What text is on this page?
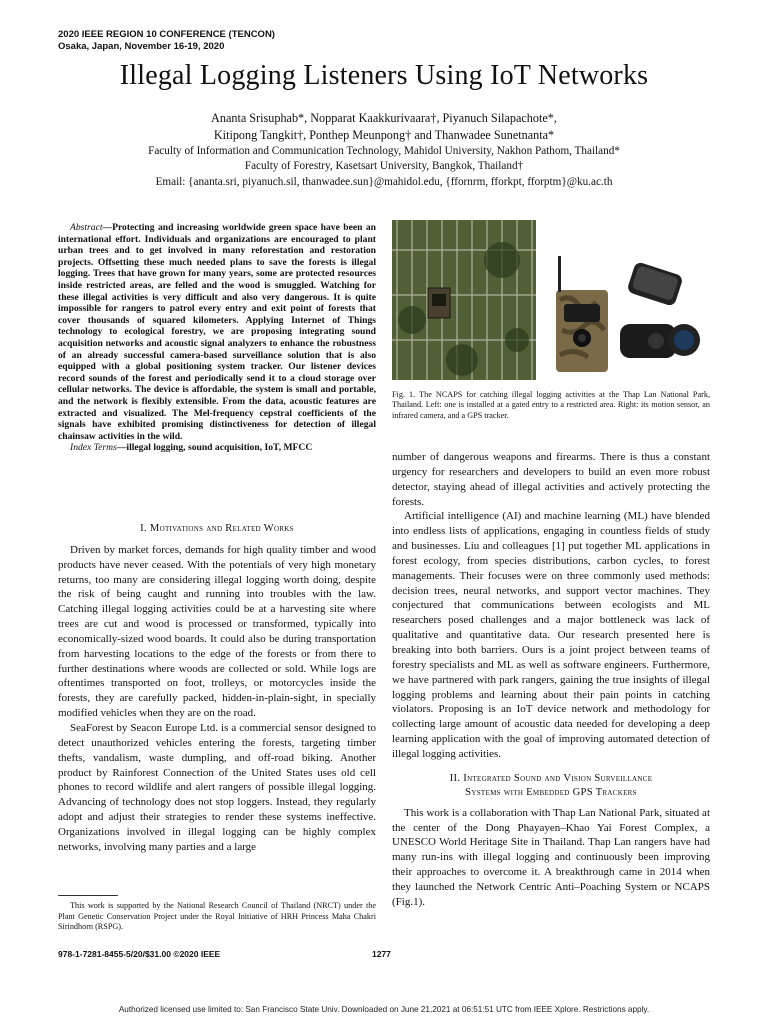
2020 IEEE REGION 10 CONFERENCE (TENCON)
Osaka, Japan, November 16-19, 2020
Illegal Logging Listeners Using IoT Networks
Ananta Srisuphab*, Nopparat Kaakkurivaara†, Piyanuch Silapachote*,
Kitipong Tangkit†, Ponthep Meunpong† and Thanwadee Sunetnanta*
Faculty of Information and Communication Technology, Mahidol University, Nakhon Pathom, Thailand*
Faculty of Forestry, Kasetsart University, Bangkok, Thailand†
Email: {ananta.sri, piyanuch.sil, thanwadee.sun}@mahidol.edu, {ffornrm, fforkpt, fforptm}@ku.ac.th
Abstract—Protecting and increasing worldwide green space have been an international effort. Individuals and organizations are encouraged to plant urban trees and to get involved in many reforestation and restoration projects. Offsetting these much needed plans to save the forests is illegal logging. Trees that have grown for many years, some are protected resources inside restricted areas, are felled and the wood is smuggled. Watching for these illegal activities is very difficult and also very dangerous. It is quite impossible for rangers to patrol every entry and exit point of forests that cover thousands of squared kilometers. Applying Internet of Things technology to ecological forestry, we are proposing integrating sound acquisition networks and acoustic signal analyzers to enhance the robustness of an already successful camera-based surveillance solution that is also equipped with a global positioning system tracker. Our listener devices record sounds of the forest and periodically send it to a cloud storage over cellular networks. The device is affordable, the system is small and portable, and the network is flexibly extensible. From the data, acoustic features are extracted and visualized. The Mel-frequency cepstral coefficients of the signals have exhibited promising distinctiveness for detection of illegal chainsaw activities in the wild.
Index Terms—illegal logging, sound acquisition, IoT, MFCC

I. Motivations and Related Works

Driven by market forces, demands for high quality timber and wood products have never ceased. With the potentials of very high monetary returns, too many are considering illegal logging worth doing, despite the risk of being caught and running into troubles with the law. Catching illegal logging activities could be at a harvesting site where trees are cut and wood is processed or transformed, typically into economically-sized wood boards. It could also be during transportation from harvesting locations to the edge of the forests or from there to further destinations where woods are collected or sold. While logs are oftentimes transported on foot, trolleys, or motorcycles inside the forests, they are carefully packed, hidden-in-plain-sight, in specially modified vehicles when they are on the road.

SeaForest by Seacon Europe Ltd. is a commercial sensor designed to detect unauthorized vehicles entering the forests, targeting timber thefts, vandalism, waste dumpling, and off-road biking. Another product by Rainforest Connection of the United States uses old cell phones to record wildlife and alert rangers of possible illegal logging. Advancing of technology does not stop loggers. Instead, they regularly adopt and adjust their strategies to render these systems ineffective. Organizations involved in illegal logging can be highly complex networks, involving many parties and a large

This work is supported by the National Research Council of Thailand (NRCT) under the Plant Genetic Conservation Project under the Royal Initiative of HRH Princess Maha Chakri Sirindhorn (RSPG).
Fig. 1. The NCAPS for catching illegal logging activities at the Thap Lan National Park, Thailand. Left: one is installed at a gated entry to a restricted area. Right: its motion sensor, an infrared camera, and a GPS tracker.

number of dangerous weapons and firearms. There is thus a constant urgency for researchers and developers to build an even more robust detector, staying ahead of illegal activities and actively protecting the forests.

Artificial intelligence (AI) and machine learning (ML) have blended into endless lists of applications, engaging in countless fields of study and businesses. Liu and colleagues [1] put together ML applications in forest ecology, from species distributions, carbon cycles, to forest managements. Their focuses were on three commonly used methods: decision trees, neural networks, and support vector machines. They conjectured that communications between ecologists and ML researchers posed challenges and a major bottleneck was lack of qualitative and quantitative data. Our research presented here is breaking into both barriers. Ours is a joint project between teams of forestry specialists and ML as well as software engineers. Furthermore, we have partnered with park rangers, gaining the true insights of illegal logging problems and learning about their pain points in catching violators. Proposing is an IoT device network and methodology for collecting large amount of acoustic data needed for developing a deep learning application with the goal of improving automated detection of illegal logging activities.

II. Integrated Sound and Vision Surveillance

Systems with Embedded GPS Trackers

This work is a collaboration with Thap Lan National Park, situated at the center of the Dong Phayayen–Khao Yai Forest Complex, a UNESCO World Heritage Site in Thailand. Thap Lan rangers have had many run-ins with illegal logging and continuously been improving their approaches to overcome it. A breakthrough came in 2014 when they launched the Network Centric Anti–Poaching System or NCAPS (Fig.1).

978-1-7281-8455-5/20/$31.00 ©2020 IEEE	1277
Authorized licensed use limited to: San Francisco State Univ. Downloaded on June 21,2021 at 06:51:51 UTC from IEEE Xplore. Restrictions apply.
